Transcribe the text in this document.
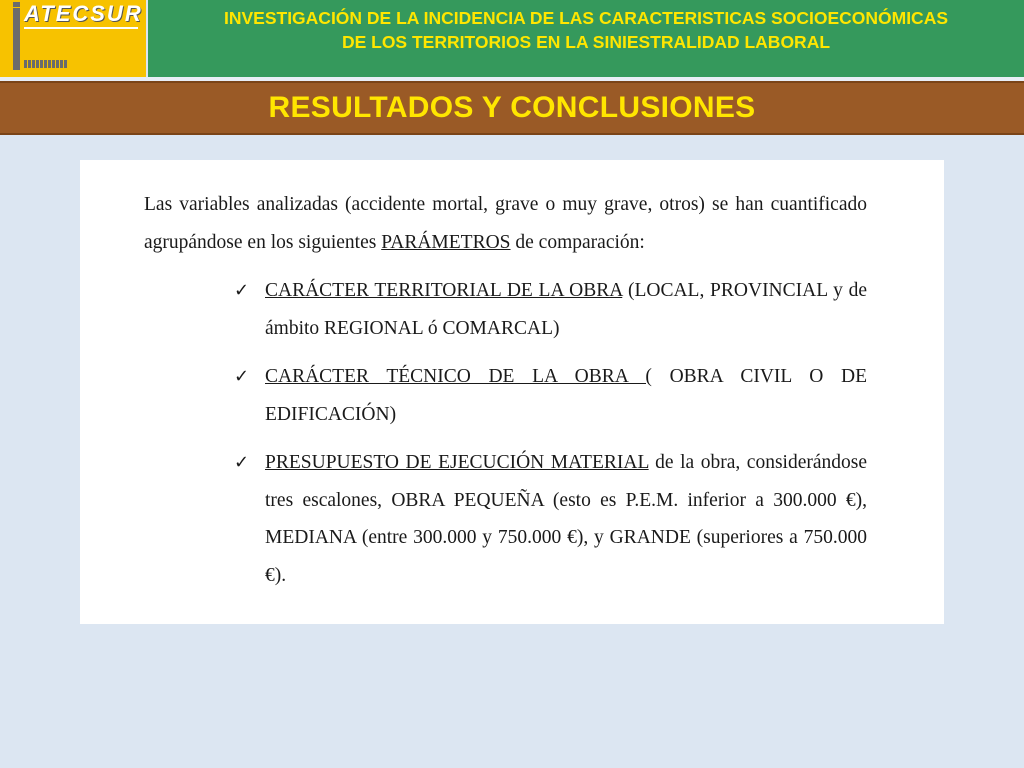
ATECSUR	INVESTIGACIÓN DE LA INCIDENCIA DE LAS CARACTERISTICAS SOCIOECONÓMICAS
DE LOS TERRITORIOS EN LA SINIESTRALIDAD LABORAL
RESULTADOS Y CONCLUSIONES

Las variables analizadas (accidente mortal, grave o muy grave, otros) se han cuantificado agrupándose en los siguientes PARÁMETROS de comparación:

✓ CARÁCTER TERRITORIAL DE LA OBRA (LOCAL, PROVINCIAL y de ámbito REGIONAL ó COMARCAL)
✓ CARÁCTER TÉCNICO DE LA OBRA ( OBRA CIVIL O DE EDIFICACIÓN)
✓ PRESUPUESTO DE EJECUCIÓN MATERIAL de la obra, considerándose tres escalones, OBRA PEQUEÑA (esto es P.E.M. inferior a 300.000 €), MEDIANA (entre 300.000 y 750.000 €), y GRANDE (superiores a 750.000 €).
